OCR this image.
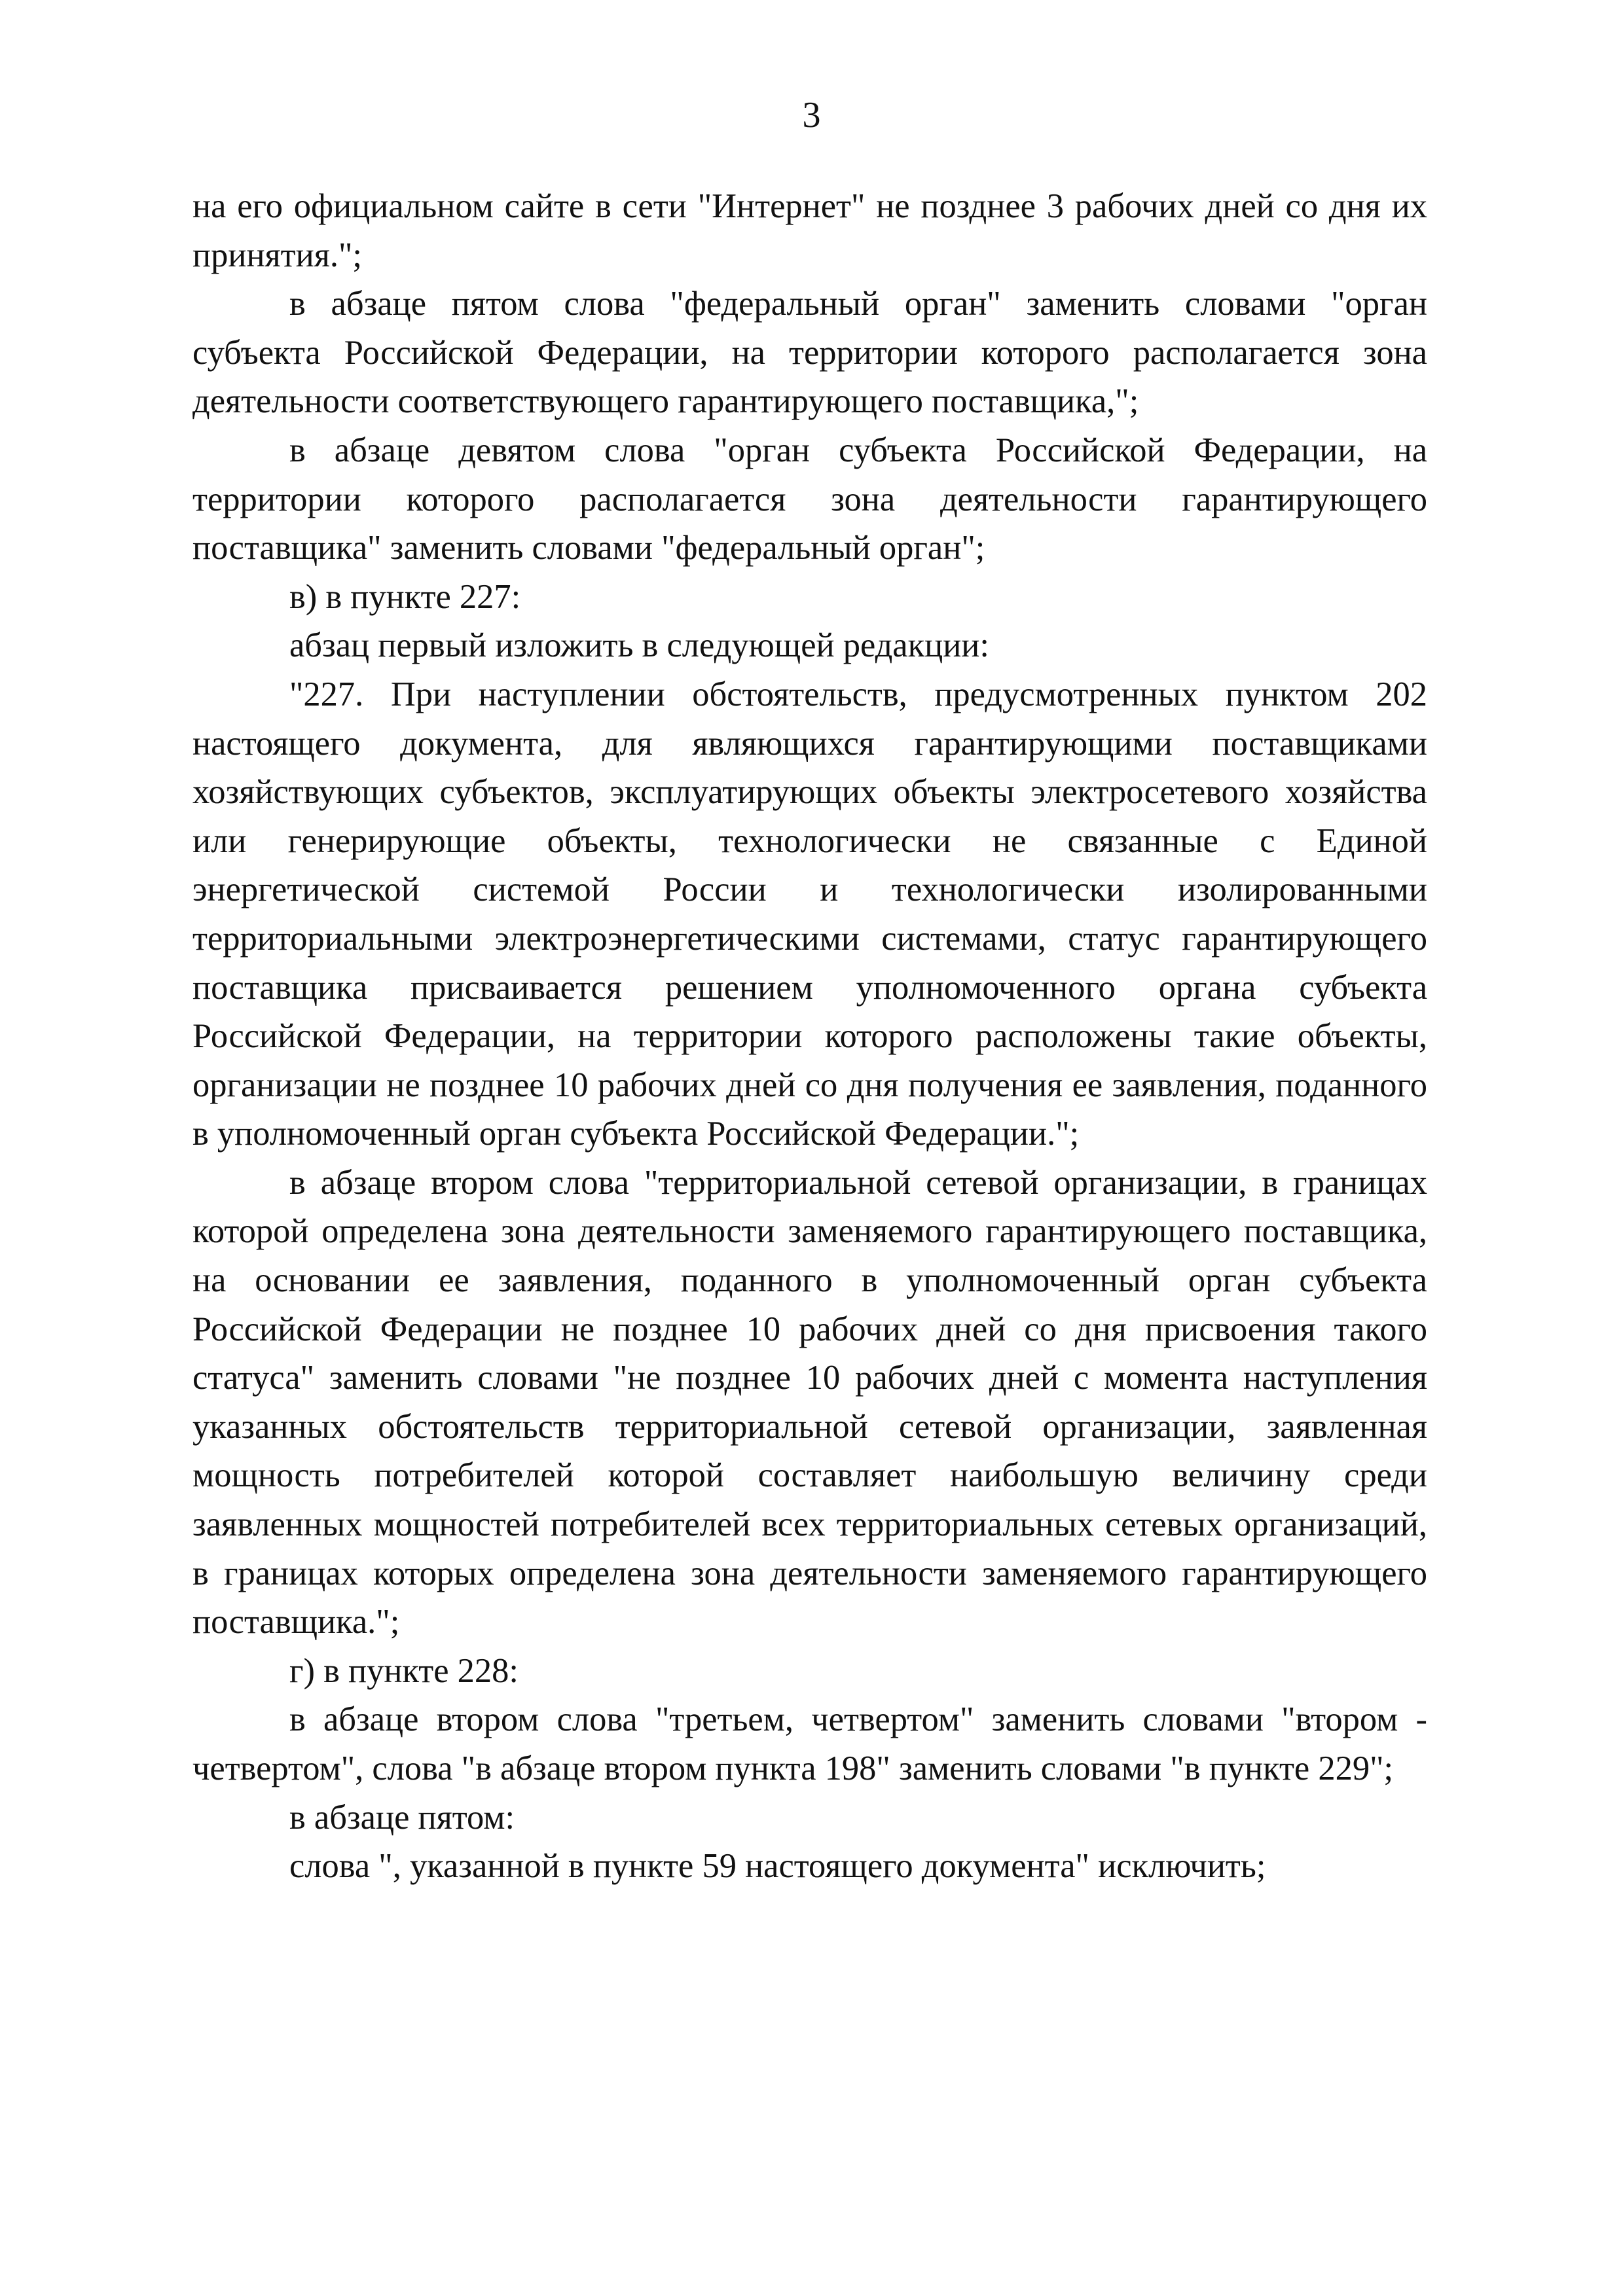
3

на его официальном сайте в сети "Интернет" не позднее 3 рабочих дней со дня их принятия.";

в абзаце пятом слова "федеральный орган" заменить словами "орган субъекта Российской Федерации, на территории которого располагается зона деятельности соответствующего гарантирующего поставщика,";

в абзаце девятом слова "орган субъекта Российской Федерации, на территории которого располагается зона деятельности гарантирующего поставщика" заменить словами "федеральный орган";

в) в пункте 227:

абзац первый изложить в следующей редакции:

"227. При наступлении обстоятельств, предусмотренных пунктом 202 настоящего документа, для являющихся гарантирующими поставщиками хозяйствующих субъектов, эксплуатирующих объекты электросетевого хозяйства или генерирующие объекты, технологически не связанные с Единой энергетической системой России и технологически изолированными территориальными электроэнергетическими системами, статус гарантирующего поставщика присваивается решением уполномоченного органа субъекта Российской Федерации, на территории которого расположены такие объекты, организации не позднее 10 рабочих дней со дня получения ее заявления, поданного в уполномоченный орган субъекта Российской Федерации.";

в абзаце втором слова "территориальной сетевой организации, в границах которой определена зона деятельности заменяемого гарантирующего поставщика, на основании ее заявления, поданного в уполномоченный орган субъекта Российской Федерации не позднее 10 рабочих дней со дня присвоения такого статуса" заменить словами "не позднее 10 рабочих дней с момента наступления указанных обстоятельств территориальной сетевой организации, заявленная мощность потребителей которой составляет наибольшую величину среди заявленных мощностей потребителей всех территориальных сетевых организаций, в границах которых определена зона деятельности заменяемого гарантирующего поставщика.";

г) в пункте 228:

в абзаце втором слова "третьем, четвертом" заменить словами "втором - четвертом", слова "в абзаце втором пункта 198" заменить словами "в пункте 229";

в абзаце пятом:

слова ", указанной в пункте 59 настоящего документа" исключить;
